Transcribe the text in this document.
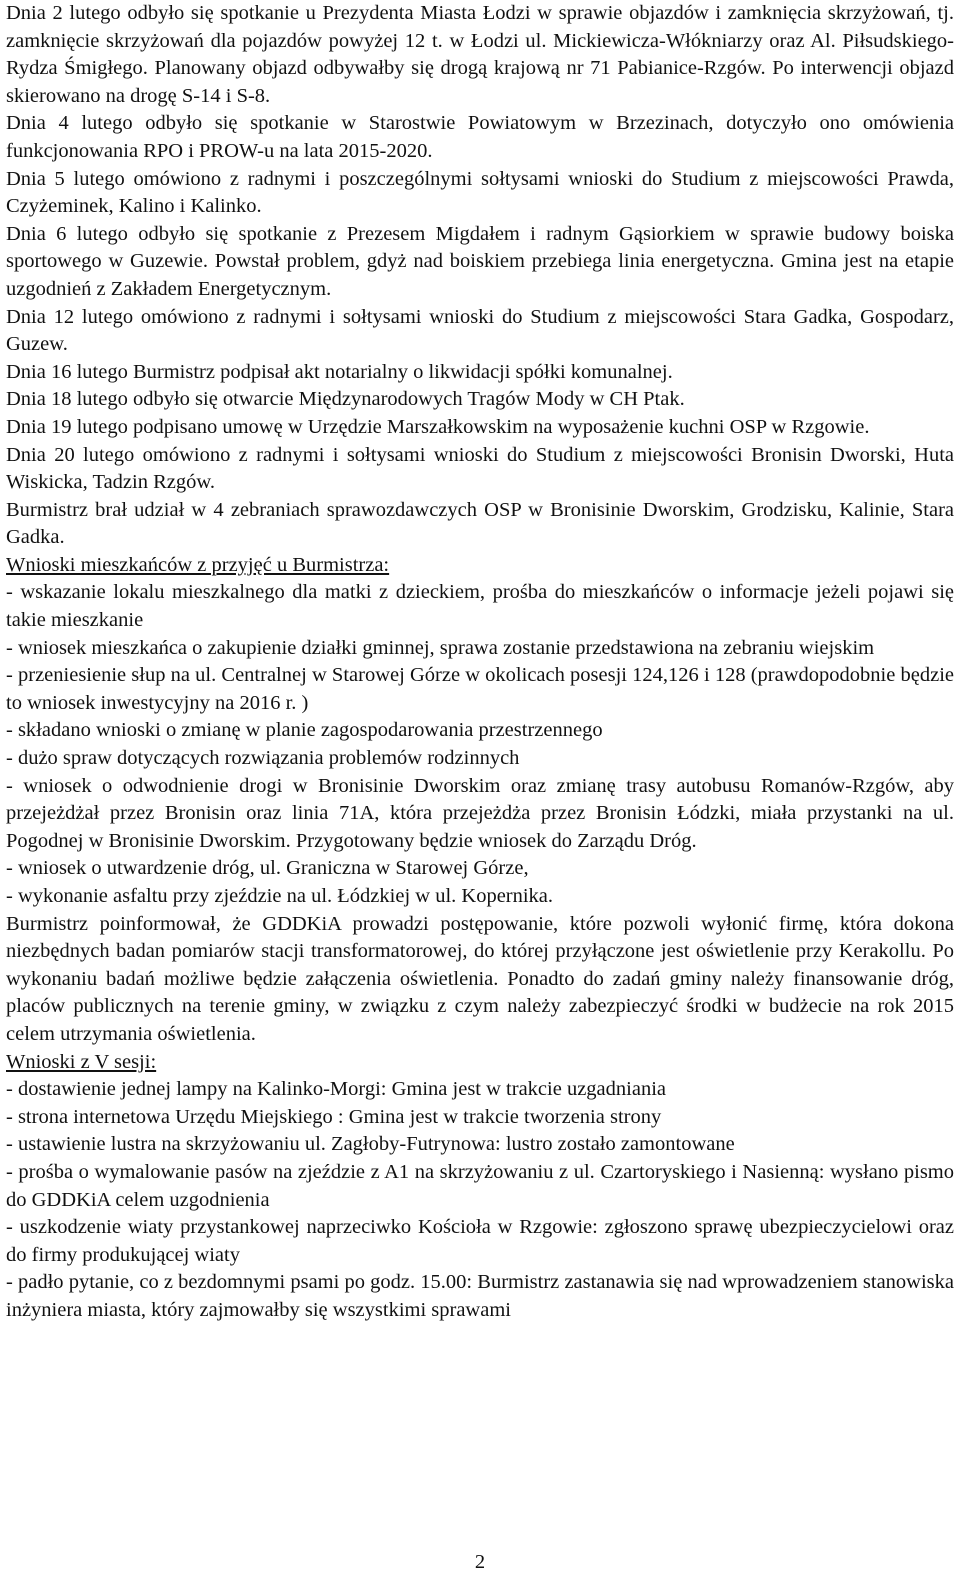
Dnia 2 lutego odbyło się spotkanie u Prezydenta Miasta Łodzi w sprawie objazdów i zamknięcia skrzyżowań, tj. zamknięcie skrzyżowań dla pojazdów powyżej 12 t. w Łodzi ul. Mickiewicza-Włókniarzy oraz Al. Piłsudskiego- Rydza Śmigłego. Planowany objazd odbywałby się drogą krajową nr 71 Pabianice-Rzgów. Po interwencji objazd skierowano na drogę S-14 i S-8.

Dnia 4 lutego odbyło się spotkanie w Starostwie Powiatowym w Brzezinach, dotyczyło ono omówienia funkcjonowania RPO i PROW-u na lata 2015-2020.

Dnia 5 lutego omówiono z radnymi i poszczególnymi sołtysami wnioski do Studium z miejscowości Prawda, Czyżeminek, Kalino i Kalinko.

Dnia 6 lutego odbyło się spotkanie z Prezesem Migdałem i radnym Gąsiorkiem w sprawie budowy boiska sportowego w Guzewie. Powstał problem, gdyż nad boiskiem przebiega linia energetyczna. Gmina jest na etapie uzgodnień z Zakładem Energetycznym.

Dnia 12 lutego omówiono z radnymi i sołtysami wnioski do Studium z miejscowości Stara Gadka, Gospodarz, Guzew.

Dnia 16 lutego Burmistrz podpisał akt notarialny o likwidacji spółki komunalnej.

Dnia 18 lutego odbyło się otwarcie Międzynarodowych Tragów Mody w CH Ptak.

Dnia 19 lutego podpisano umowę w Urzędzie Marszałkowskim na wyposażenie kuchni OSP w Rzgowie.

Dnia 20 lutego omówiono z radnymi i sołtysami wnioski do Studium z miejscowości Bronisin Dworski, Huta Wiskicka, Tadzin Rzgów.

Burmistrz brał udział w 4 zebraniach sprawozdawczych OSP w Bronisinie Dworskim, Grodzisku, Kalinie, Stara Gadka.

Wnioski mieszkańców z przyjęć u Burmistrza:

- wskazanie lokalu mieszkalnego dla matki z dzieckiem, prośba do mieszkańców o informacje jeżeli pojawi się takie mieszkanie

- wniosek mieszkańca o zakupienie działki gminnej, sprawa zostanie przedstawiona na zebraniu wiejskim

- przeniesienie słup na ul. Centralnej w Starowej Górze w okolicach posesji 124,126 i 128 (prawdopodobnie będzie to wniosek inwestycyjny na 2016 r. )

- składano wnioski o zmianę w planie zagospodarowania przestrzennego

- dużo spraw dotyczących rozwiązania problemów rodzinnych

- wniosek o odwodnienie drogi w Bronisinie Dworskim oraz zmianę trasy autobusu Romanów-Rzgów, aby przejeżdżał przez Bronisin oraz linia 71A, która przejeżdża przez Bronisin Łódzki, miała przystanki na ul. Pogodnej w Bronisinie Dworskim. Przygotowany będzie wniosek do Zarządu Dróg.

- wniosek o utwardzenie dróg, ul. Graniczna w Starowej Górze,

- wykonanie asfaltu przy zjeździe na ul. Łódzkiej w ul. Kopernika.

Burmistrz poinformował, że GDDKiA prowadzi postępowanie, które pozwoli wyłonić firmę, która dokona niezbędnych badan pomiarów stacji transformatorowej, do której przyłączone jest oświetlenie przy Kerakollu. Po wykonaniu badań możliwe będzie załączenia oświetlenia. Ponadto do zadań gminy należy finansowanie dróg, placów publicznych na terenie gminy, w związku z czym należy zabezpieczyć środki w budżecie na rok 2015 celem utrzymania oświetlenia.

Wnioski z V sesji:

- dostawienie jednej lampy na Kalinko-Morgi: Gmina jest w trakcie uzgadniania

- strona internetowa Urzędu Miejskiego : Gmina jest w trakcie tworzenia strony

- ustawienie lustra na skrzyżowaniu ul. Zagłoby-Futrynowa: lustro zostało zamontowane

- prośba o wymalowanie pasów na zjeździe z A1 na skrzyżowaniu z ul. Czartoryskiego i Nasienną: wysłano pismo do GDDKiA celem uzgodnienia

- uszkodzenie wiaty przystankowej naprzeciwko Kościoła w Rzgowie: zgłoszono sprawę ubezpieczycielowi oraz do firmy produkującej wiaty

- padło pytanie, co z bezdomnymi psami po godz. 15.00: Burmistrz zastanawia się nad wprowadzeniem stanowiska inżyniera miasta, który zajmowałby się wszystkimi sprawami

2
